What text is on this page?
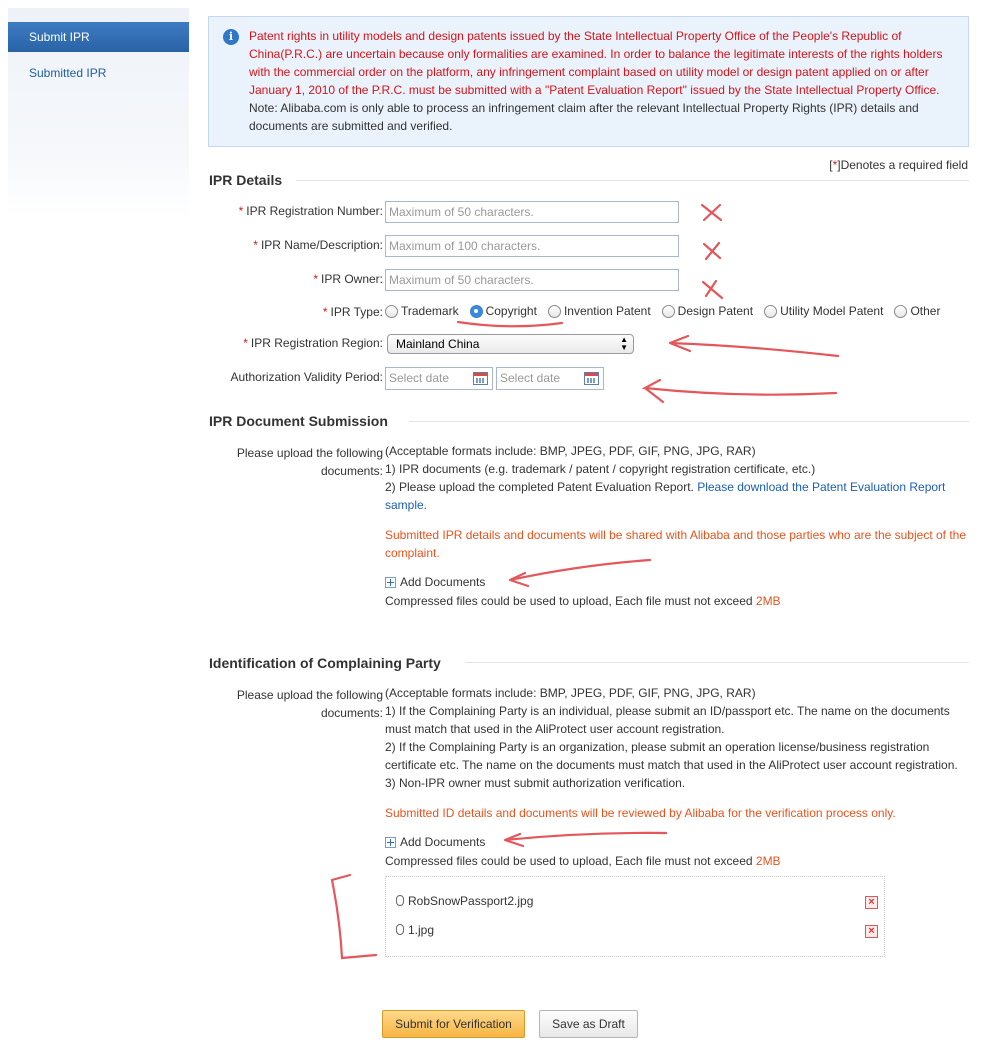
Submit IPR
Submitted IPR
i	Patent rights in utility models and design patents issued by the State Intellectual Property Office of the People's Republic of China(P.R.C.) are uncertain because only formalities are examined. In order to balance the legitimate interests of the rights holders with the commercial order on the platform, any infringement complaint based on utility model or design patent applied on or after January 1, 2010 of the P.R.C. must be submitted with a "Patent Evaluation Report" issued by the State Intellectual Property Office. Note: Alibaba.com is only able to process an infringement claim after the relevant Intellectual Property Rights (IPR) details and documents are submitted and verified.
[*]Denotes a required field
IPR Details
* IPR Registration Number:
Maximum of 50 characters.
* IPR Name/Description:
Maximum of 100 characters.
* IPR Owner:
Maximum of 50 characters.
* IPR Type: Trademark Copyright Invention Patent Design Patent Utility Model Patent Other
* IPR Registration Region:	Mainland China	▲
▼
Authorization Validity Period: Select date	Select date
IPR Document Submission
Please upload the following
documents:
(Acceptable formats include: BMP, JPEG, PDF, GIF, PNG, JPG, RAR)
1) IPR documents (e.g. trademark / patent / copyright registration certificate, etc.)
2) Please upload the completed Patent Evaluation Report. Please download the Patent Evaluation Report sample.
Submitted IPR details and documents will be shared with Alibaba and those parties who are the subject of the complaint.
Add Documents
Compressed files could be used to upload, Each file must not exceed 2MB
Identification of Complaining Party
Please upload the following
documents:
(Acceptable formats include: BMP, JPEG, PDF, GIF, PNG, JPG, RAR)
1) If the Complaining Party is an individual, please submit an ID/passport etc. The name on the documents must match that used in the AliProtect user account registration.
2) If the Complaining Party is an organization, please submit an operation license/business registration certificate etc. The name on the documents must match that used in the AliProtect user account registration.
3) Non-IPR owner must submit authorization verification.
Submitted ID details and documents will be reviewed by Alibaba for the verification process only.
Add Documents
Compressed files could be used to upload, Each file must not exceed 2MB
RobSnowPassport2.jpg	×
1.jpg	×
Submit for Verification	Save as Draft
